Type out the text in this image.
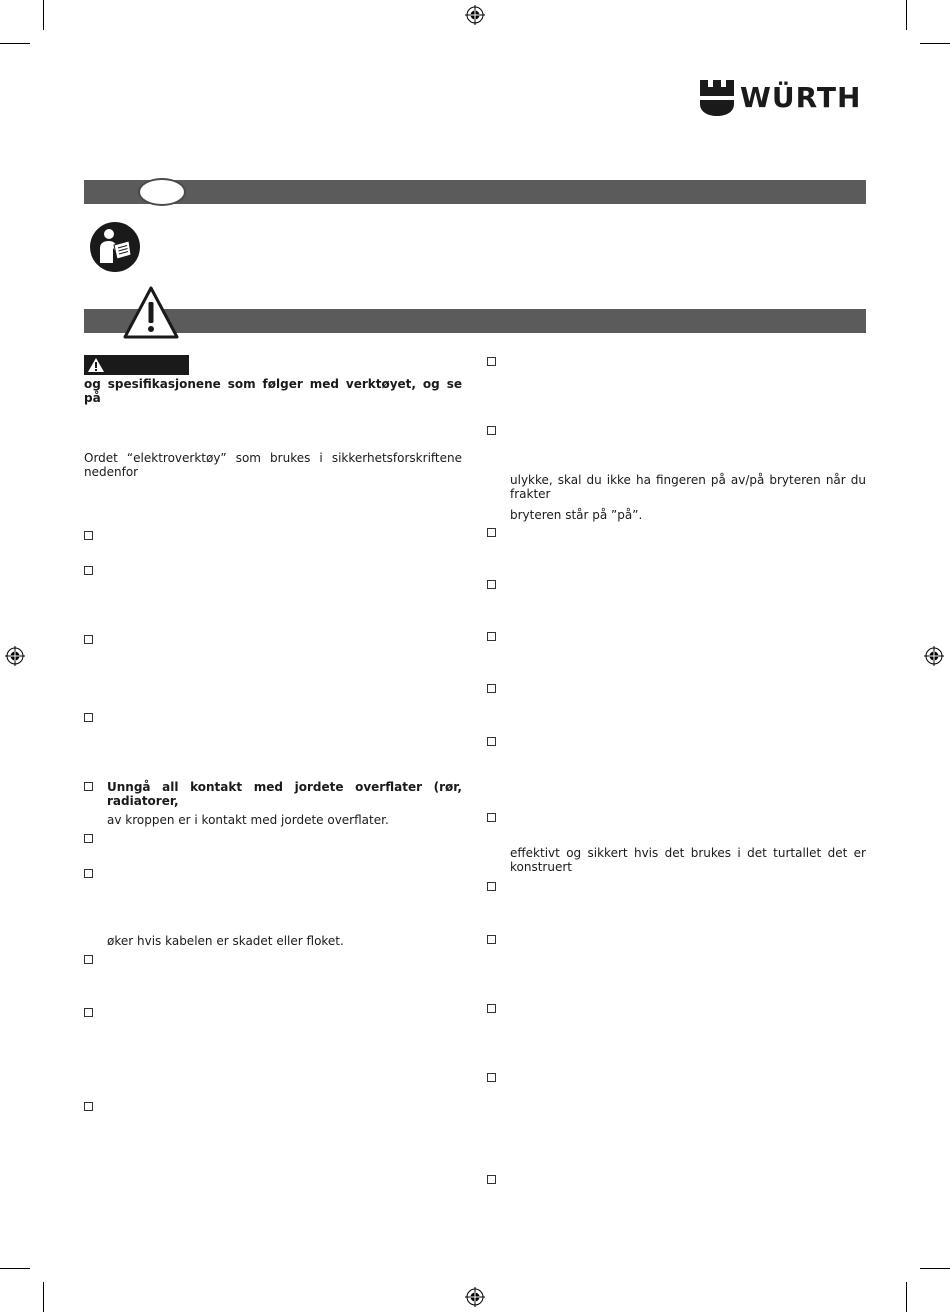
WÜRTH
og spesifikasjonene som følger med verktøyet, og se på
Ordet “elektroverktøy” som brukes i sikkerhetsforskriftene nedenfor
Unngå all kontakt med jordete overflater (rør, radiatorer,
av kroppen er i kontakt med jordete overflater.
øker hvis kabelen er skadet eller floket.
ulykke, skal du ikke ha fingeren på av/på bryteren når du frakter
bryteren står på ”på”.
effektivt og sikkert hvis det brukes i det turtallet det er konstruert
